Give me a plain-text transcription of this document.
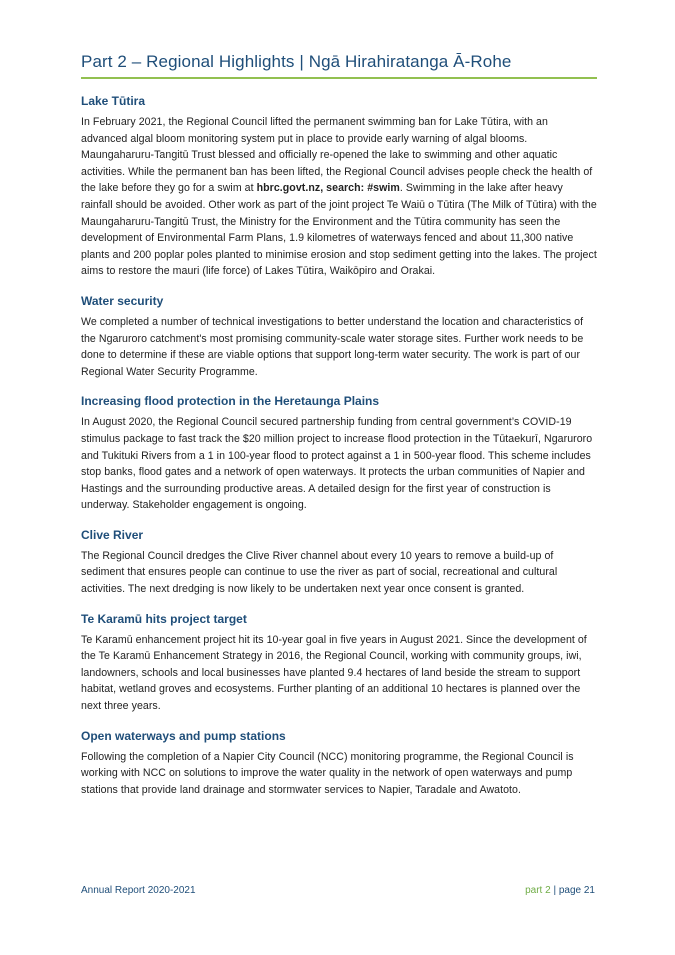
Part 2 – Regional Highlights | Ngā Hirahiratanga Ā-Rohe
Lake Tūtira

In February 2021, the Regional Council lifted the permanent swimming ban for Lake Tūtira, with an advanced algal bloom monitoring system put in place to provide early warning of algal blooms. Maungaharuru-Tangitū Trust blessed and officially re-opened the lake to swimming and other aquatic activities. While the permanent ban has been lifted, the Regional Council advises people check the health of the lake before they go for a swim at hbrc.govt.nz, search: #swim. Swimming in the lake after heavy rainfall should be avoided. Other work as part of the joint project Te Waiū o Tūtira (The Milk of Tūtira) with the Maungaharuru-Tangitū Trust, the Ministry for the Environment and the Tūtira community has seen the development of Environmental Farm Plans, 1.9 kilometres of waterways fenced and about 11,300 native plants and 200 poplar poles planted to minimise erosion and stop sediment getting into the lakes. The project aims to restore the mauri (life force) of Lakes Tūtira, Waikōpiro and Orakai.

Water security

We completed a number of technical investigations to better understand the location and characteristics of the Ngaruroro catchment's most promising community-scale water storage sites. Further work needs to be done to determine if these are viable options that support long-term water security. The work is part of our Regional Water Security Programme.

Increasing flood protection in the Heretaunga Plains

In August 2020, the Regional Council secured partnership funding from central government’s COVID-19 stimulus package to fast track the $20 million project to increase flood protection in the Tūtaekurī, Ngaruroro and Tukituki Rivers from a 1 in 100-year flood to protect against a 1 in 500-year flood. This scheme includes stop banks, flood gates and a network of open waterways. It protects the urban communities of Napier and Hastings and the surrounding productive areas. A detailed design for the first year of construction is underway. Stakeholder engagement is ongoing.

Clive River

The Regional Council dredges the Clive River channel about every 10 years to remove a build-up of sediment that ensures people can continue to use the river as part of social, recreational and cultural activities. The next dredging is now likely to be undertaken next year once consent is granted.

Te Karamū hits project target

Te Karamū enhancement project hit its 10-year goal in five years in August 2021. Since the development of the Te Karamū Enhancement Strategy in 2016, the Regional Council, working with community groups, iwi, landowners, schools and local businesses have planted 9.4 hectares of land beside the stream to support habitat, wetland groves and ecosystems. Further planting of an additional 10 hectares is planned over the next three years.

Open waterways and pump stations

Following the completion of a Napier City Council (NCC) monitoring programme, the Regional Council is working with NCC on solutions to improve the water quality in the network of open waterways and pump stations that provide land drainage and stormwater services to Napier, Taradale and Awatoto.

Annual Report 2020-2021	part 2 | page 21
